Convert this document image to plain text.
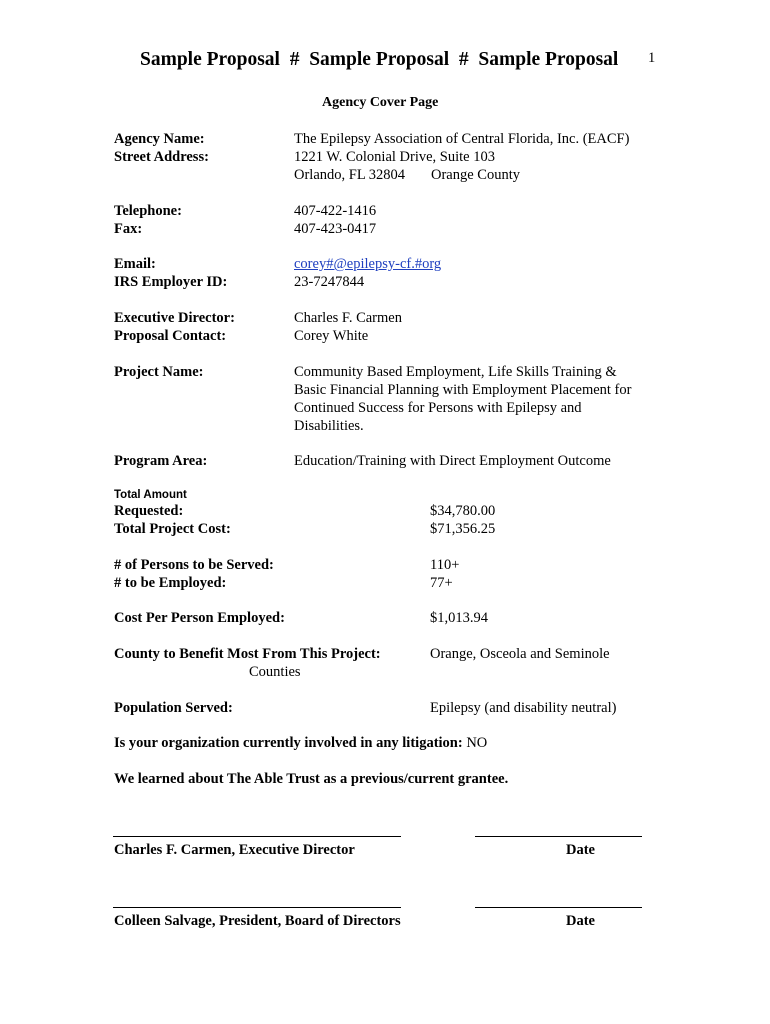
Sample Proposal  #  Sample Proposal  #  Sample Proposal 1
Agency Cover Page
Agency Name:	The Epilepsy Association of Central Florida, Inc. (EACF)
Street Address:	1221 W. Colonial Drive, Suite 103
Orlando, FL 32804 Orange County
Telephone:	407-422-1416
Fax:	407-423-0417
Email:	corey#@epilepsy-cf.#org
IRS Employer ID:	23-7247844
Executive Director:	Charles F. Carmen
Proposal Contact:	Corey White
Project Name:	Community Based Employment, Life Skills Training &
Basic Financial Planning with Employment Placement for
Continued Success for Persons with Epilepsy and
Disabilities.
Program Area:	Education/Training with Direct Employment Outcome
Total Amount
Requested:	$34,780.00
Total Project Cost:	$71,356.25
# of Persons to be Served:	110+
# to be Employed:	77+
Cost Per Person Employed:	$1,013.94
County to Benefit Most From This Project:	Orange, Osceola and Seminole
Counties
Population Served:	Epilepsy (and disability neutral)
Is your organization currently involved in any litigation: NO
We learned about The Able Trust as a previous/current grantee.
Charles F. Carmen, Executive Director	Date
Colleen Salvage, President, Board of Directors	Date
